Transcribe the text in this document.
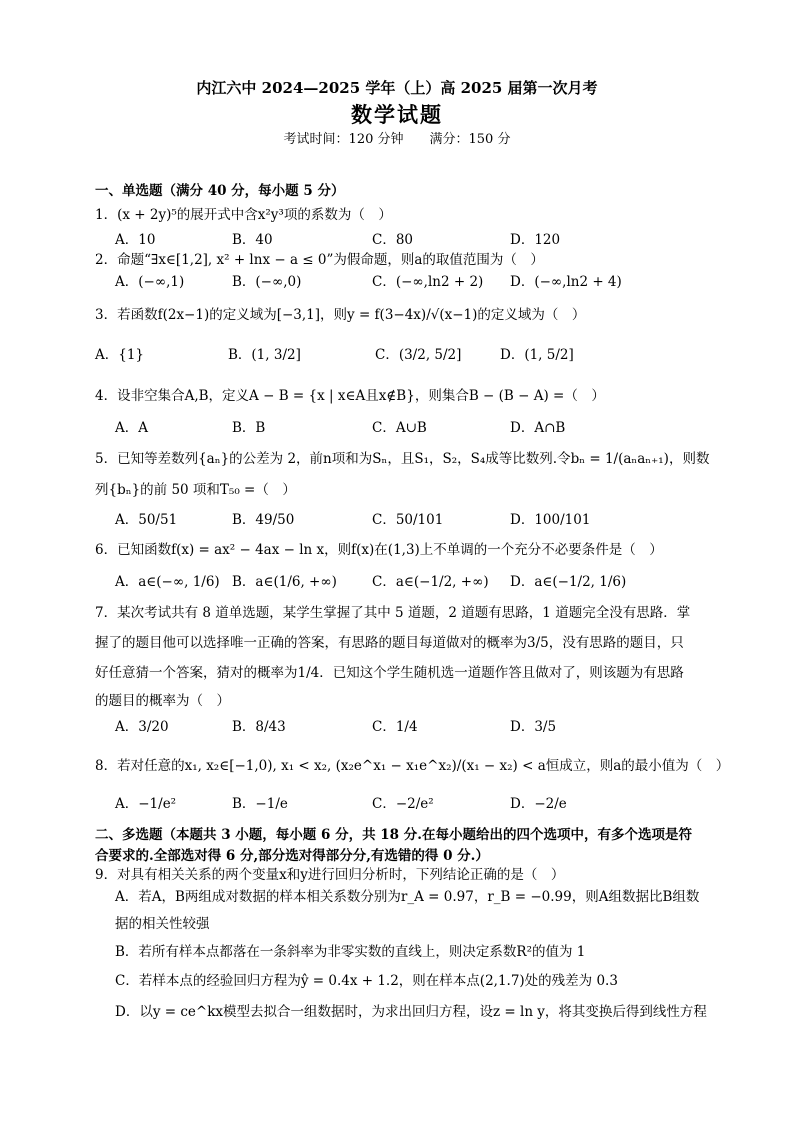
内江六中 2024—2025 学年（上）高 2025 届第一次月考
数学试题
考试时间：120 分钟　　满分：150 分
一、单选题（满分 40 分，每小题 5 分）
1．(x + 2y)⁵的展开式中含x²y³项的系数为（　）
A．10	B．40	C．80	D．120
2．命题“∃x∈[1,2], x² + lnx − a ≤ 0”为假命题，则a的取值范围为（　）
A．(−∞,1)	B．(−∞,0)	C．(−∞,ln2 + 2) D．(−∞,ln2 + 4)
3．若函数f(2x−1)的定义域为[−3,1]，则y = f(3−4x)/√(x−1)的定义域为（　）
A．{1}	B．(1, 3/2]	C．(3/2, 5/2]	D．(1, 5/2]
4．设非空集合A,B，定义A − B = {x | x∈A且x∉B}，则集合B − (B − A) =（　）
A．A	B．B	C．A∪B	D．A∩B
5．已知等差数列{aₙ}的公差为 2，前n项和为Sₙ，且S₁，S₂，S₄成等比数列.令bₙ = 1/(aₙaₙ₊₁)，则数
列{bₙ}的前 50 项和T₅₀ =（　）
A．50/51	B．49/50	C．50/101	D．100/101
6．已知函数f(x) = ax² − 4ax − ln x，则f(x)在(1,3)上不单调的一个充分不必要条件是（　）
A．a∈(−∞, 1/6) B．a∈(1/6, +∞)	C．a∈(−1/2, +∞) D．a∈(−1/2, 1/6)
7．某次考试共有 8 道单选题，某学生掌握了其中 5 道题，2 道题有思路，1 道题完全没有思路．掌
握了的题目他可以选择唯一正确的答案，有思路的题目每道做对的概率为3/5，没有思路的题目，只
好任意猜一个答案，猜对的概率为1/4．已知这个学生随机选一道题作答且做对了，则该题为有思路
的题目的概率为（　）
A．3/20	B．8/43	C．1/4	D．3/5
8．若对任意的x₁, x₂∈[−1,0), x₁ < x₂, (x₂e^x₁ − x₁e^x₂)/(x₁ − x₂) < a恒成立，则a的最小值为（　）
A．−1/e²	B．−1/e	C．−2/e²	D．−2/e
二、多选题（本题共 3 小题，每小题 6 分，共 18 分.在每小题给出的四个选项中，有多个选项是符
合要求的.全部选对得 6 分,部分选对得部分分,有选错的得 0 分.）
9．对具有相关关系的两个变量x和y进行回归分析时，下列结论正确的是（　）
A．若A，B两组成对数据的样本相关系数分别为r_A = 0.97，r_B = −0.99，则A组数据比B组数
据的相关性较强
B．若所有样本点都落在一条斜率为非零实数的直线上，则决定系数R²的值为 1
C．若样本点的经验回归方程为ŷ = 0.4x + 1.2，则在样本点(2,1.7)处的残差为 0.3
D．以y = ce^kx模型去拟合一组数据时，为求出回归方程，设z = ln y，将其变换后得到线性方程
